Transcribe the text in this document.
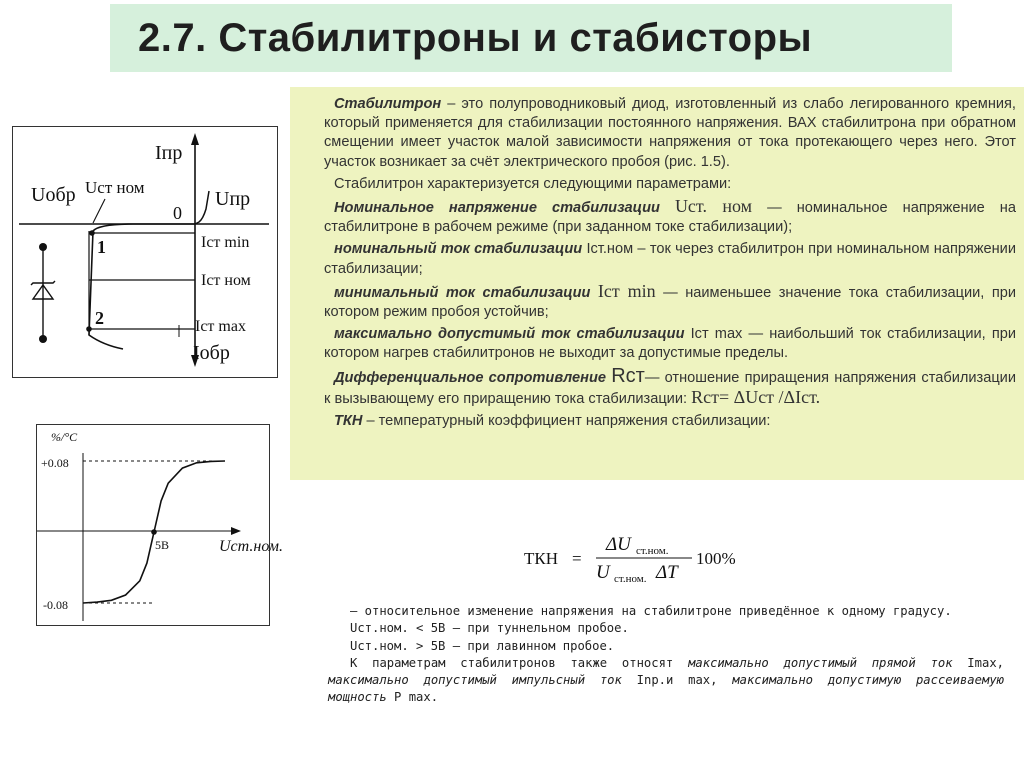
2.7. Стабилитроны и стабисторы

Стабилитрон – это полупроводниковый диод, изготовленный из слабо легированного кремния, который применяется для стабилизации постоянного напряжения. ВАХ стабилитрона при обратном смещении имеет участок малой зависимости напряжения от тока протекающего через него. Этот участок возникает за счёт электрического пробоя (рис. 1.5).

Стабилитрон характеризуется следующими параметрами:

Номинальное напряжение стабилизации Uст. ном — номинальное напряжение на стабилитроне в рабочем режиме (при заданном токе стабилизации);

номинальный ток стабилизации Iст.ном – ток через стабилитрон при номинальном напряжении стабилизации;

минимальный ток стабилизации Iст min — наименьшее значение тока стабилизации, при котором режим пробоя устойчив;

максимально допустимый ток стабилизации Iст max — наибольший ток стабилизации, при котором нагрев стабилитронов не выходит за допустимые пределы.

Дифференциальное сопротивление Rст— отношение приращения напряжения стабилизации к вызывающему его приращению тока стабилизации: Rст= ΔUст /ΔIст.

ТКН – температурный коэффициент напряжения стабилизации:

Iпр
Uобр Uст ном
0
Uпр
Iст min
1
Iст ном
2	Iст max
Iобр
%/°C
+0.08
-0.08
5В	Uст.ном.
ТКН =
ΔU ст.ном.
U ст.ном. ΔT
100%

– относительное изменение напряжения на стабилитроне приведённое к одному градусу.

Uст.ном. < 5В – при туннельном пробое.

Uст.ном. > 5В – при лавинном пробое.

К параметрам стабилитронов также относят максимально допустимый прямой ток Imax, максимально допустимый импульсный ток Inp.и max, максимально допустимую рассеиваемую мощность P max.
